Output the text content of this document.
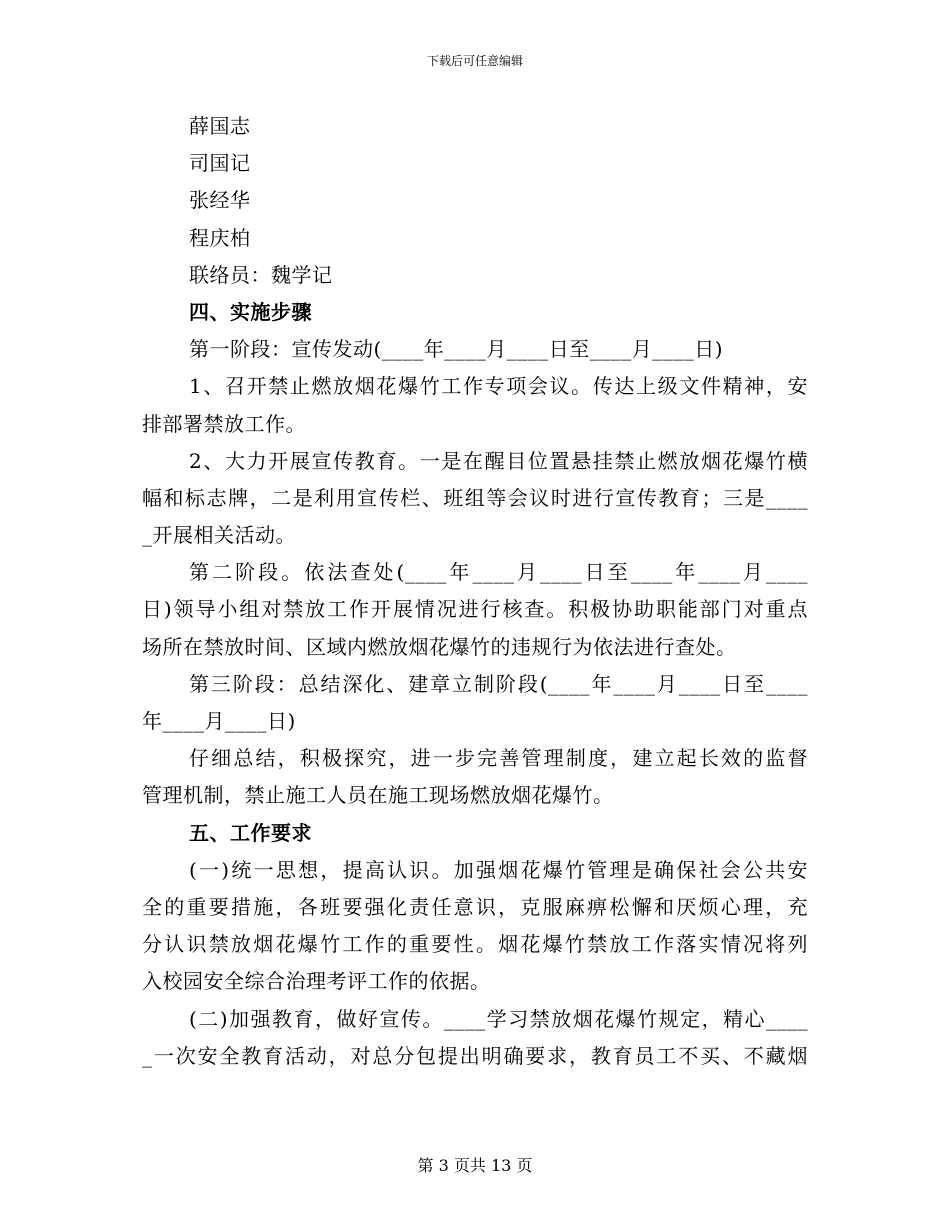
下载后可任意编辑
薛国志
司国记
张经华
程庆柏
联络员：魏学记
四、实施步骤
第一阶段：宣传发动(____年____月____日至____月____日)
1、召开禁止燃放烟花爆竹工作专项会议。传达上级文件精神，安
排部署禁放工作。
2、大力开展宣传教育。一是在醒目位置悬挂禁止燃放烟花爆竹横
幅和标志牌，二是利用宣传栏、班组等会议时进行宣传教育；三是____
_开展相关活动。
第二阶段。依法查处(____年____月____日至____年____月____
日)领导小组对禁放工作开展情况进行核查。积极协助职能部门对重点
场所在禁放时间、区域内燃放烟花爆竹的违规行为依法进行查处。
第三阶段：总结深化、建章立制阶段(____年____月____日至____
年____月____日)
仔细总结，积极探究，进一步完善管理制度，建立起长效的监督
管理机制，禁止施工人员在施工现场燃放烟花爆竹。
五、工作要求
(一)统一思想，提高认识。加强烟花爆竹管理是确保社会公共安
全的重要措施，各班要强化责任意识，克服麻痹松懈和厌烦心理，充
分认识禁放烟花爆竹工作的重要性。烟花爆竹禁放工作落实情况将列
入校园安全综合治理考评工作的依据。
(二)加强教育，做好宣传。____学习禁放烟花爆竹规定，精心____
_一次安全教育活动，对总分包提出明确要求，教育员工不买、不藏烟
第 3 页共 13 页
